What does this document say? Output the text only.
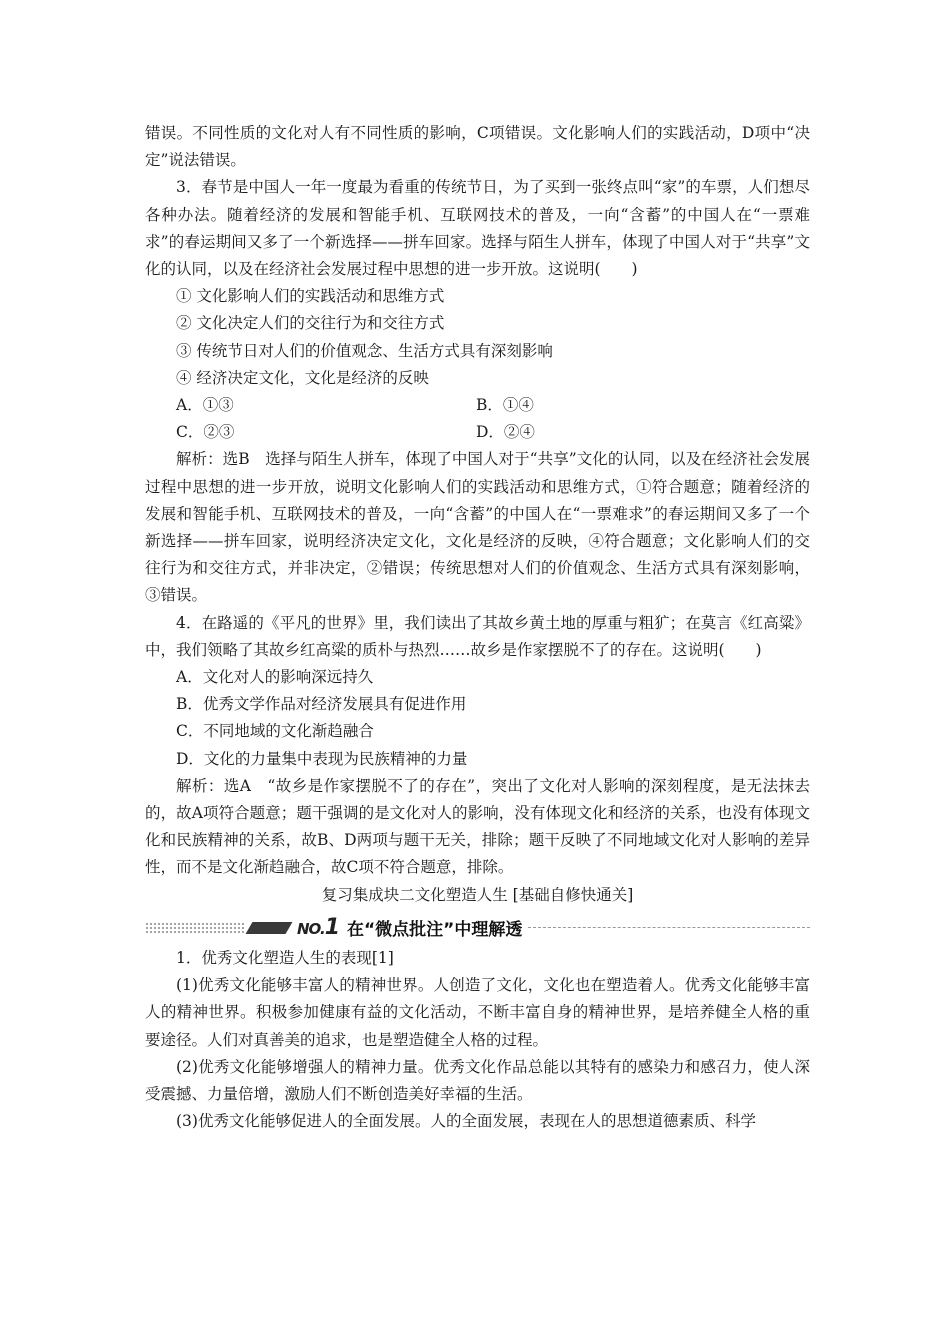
错误。不同性质的文化对人有不同性质的影响，C项错误。文化影响人们的实践活动，D项中“决定”说法错误。

3．春节是中国人一年一度最为看重的传统节日，为了买到一张终点叫“家”的车票，人们想尽各种办法。随着经济的发展和智能手机、互联网技术的普及，一向“含蓄”的中国人在“一票难求”的春运期间又多了一个新选择——拼车回家。选择与陌生人拼车，体现了中国人对于“共享”文化的认同，以及在经济社会发展过程中思想的进一步开放。这说明(　　)

① 文化影响人们的实践活动和思维方式

② 文化决定人们的交往行为和交往方式

③ 传统节日对人们的价值观念、生活方式具有深刻影响

④ 经济决定文化，文化是经济的反映

A．①③	B．①④
C．②③	D．②④

解析：选B　选择与陌生人拼车，体现了中国人对于“共享”文化的认同，以及在经济社会发展过程中思想的进一步开放，说明文化影响人们的实践活动和思维方式，①符合题意；随着经济的发展和智能手机、互联网技术的普及，一向“含蓄”的中国人在“一票难求”的春运期间又多了一个新选择——拼车回家，说明经济决定文化，文化是经济的反映，④符合题意；文化影响人们的交往行为和交往方式，并非决定，②错误；传统思想对人们的价值观念、生活方式具有深刻影响，③错误。

4．在路遥的《平凡的世界》里，我们读出了其故乡黄土地的厚重与粗犷；在莫言《红高粱》中，我们领略了其故乡红高粱的质朴与热烈……故乡是作家摆脱不了的存在。这说明(　　)

A．文化对人的影响深远持久

B．优秀文学作品对经济发展具有促进作用

C．不同地域的文化渐趋融合

D．文化的力量集中表现为民族精神的力量

解析：选A　“故乡是作家摆脱不了的存在”，突出了文化对人影响的深刻程度，是无法抹去的，故A项符合题意；题干强调的是文化对人的影响，没有体现文化和经济的关系，也没有体现文化和民族精神的关系，故B、D两项与题干无关，排除；题干反映了不同地域文化对人影响的差异性，而不是文化渐趋融合，故C项不符合题意，排除。

复习集成块二文化塑造人生 [基础自修快通关]

NO.1 在“微点批注”中理解透

1．优秀文化塑造人生的表现[1]

(1)优秀文化能够丰富人的精神世界。人创造了文化，文化也在塑造着人。优秀文化能够丰富人的精神世界。积极参加健康有益的文化活动，不断丰富自身的精神世界，是培养健全人格的重要途径。人们对真善美的追求，也是塑造健全人格的过程。

(2)优秀文化能够增强人的精神力量。优秀文化作品总能以其特有的感染力和感召力，使人深受震撼、力量倍增，激励人们不断创造美好幸福的生活。

(3)优秀文化能够促进人的全面发展。人的全面发展，表现在人的思想道德素质、科学
